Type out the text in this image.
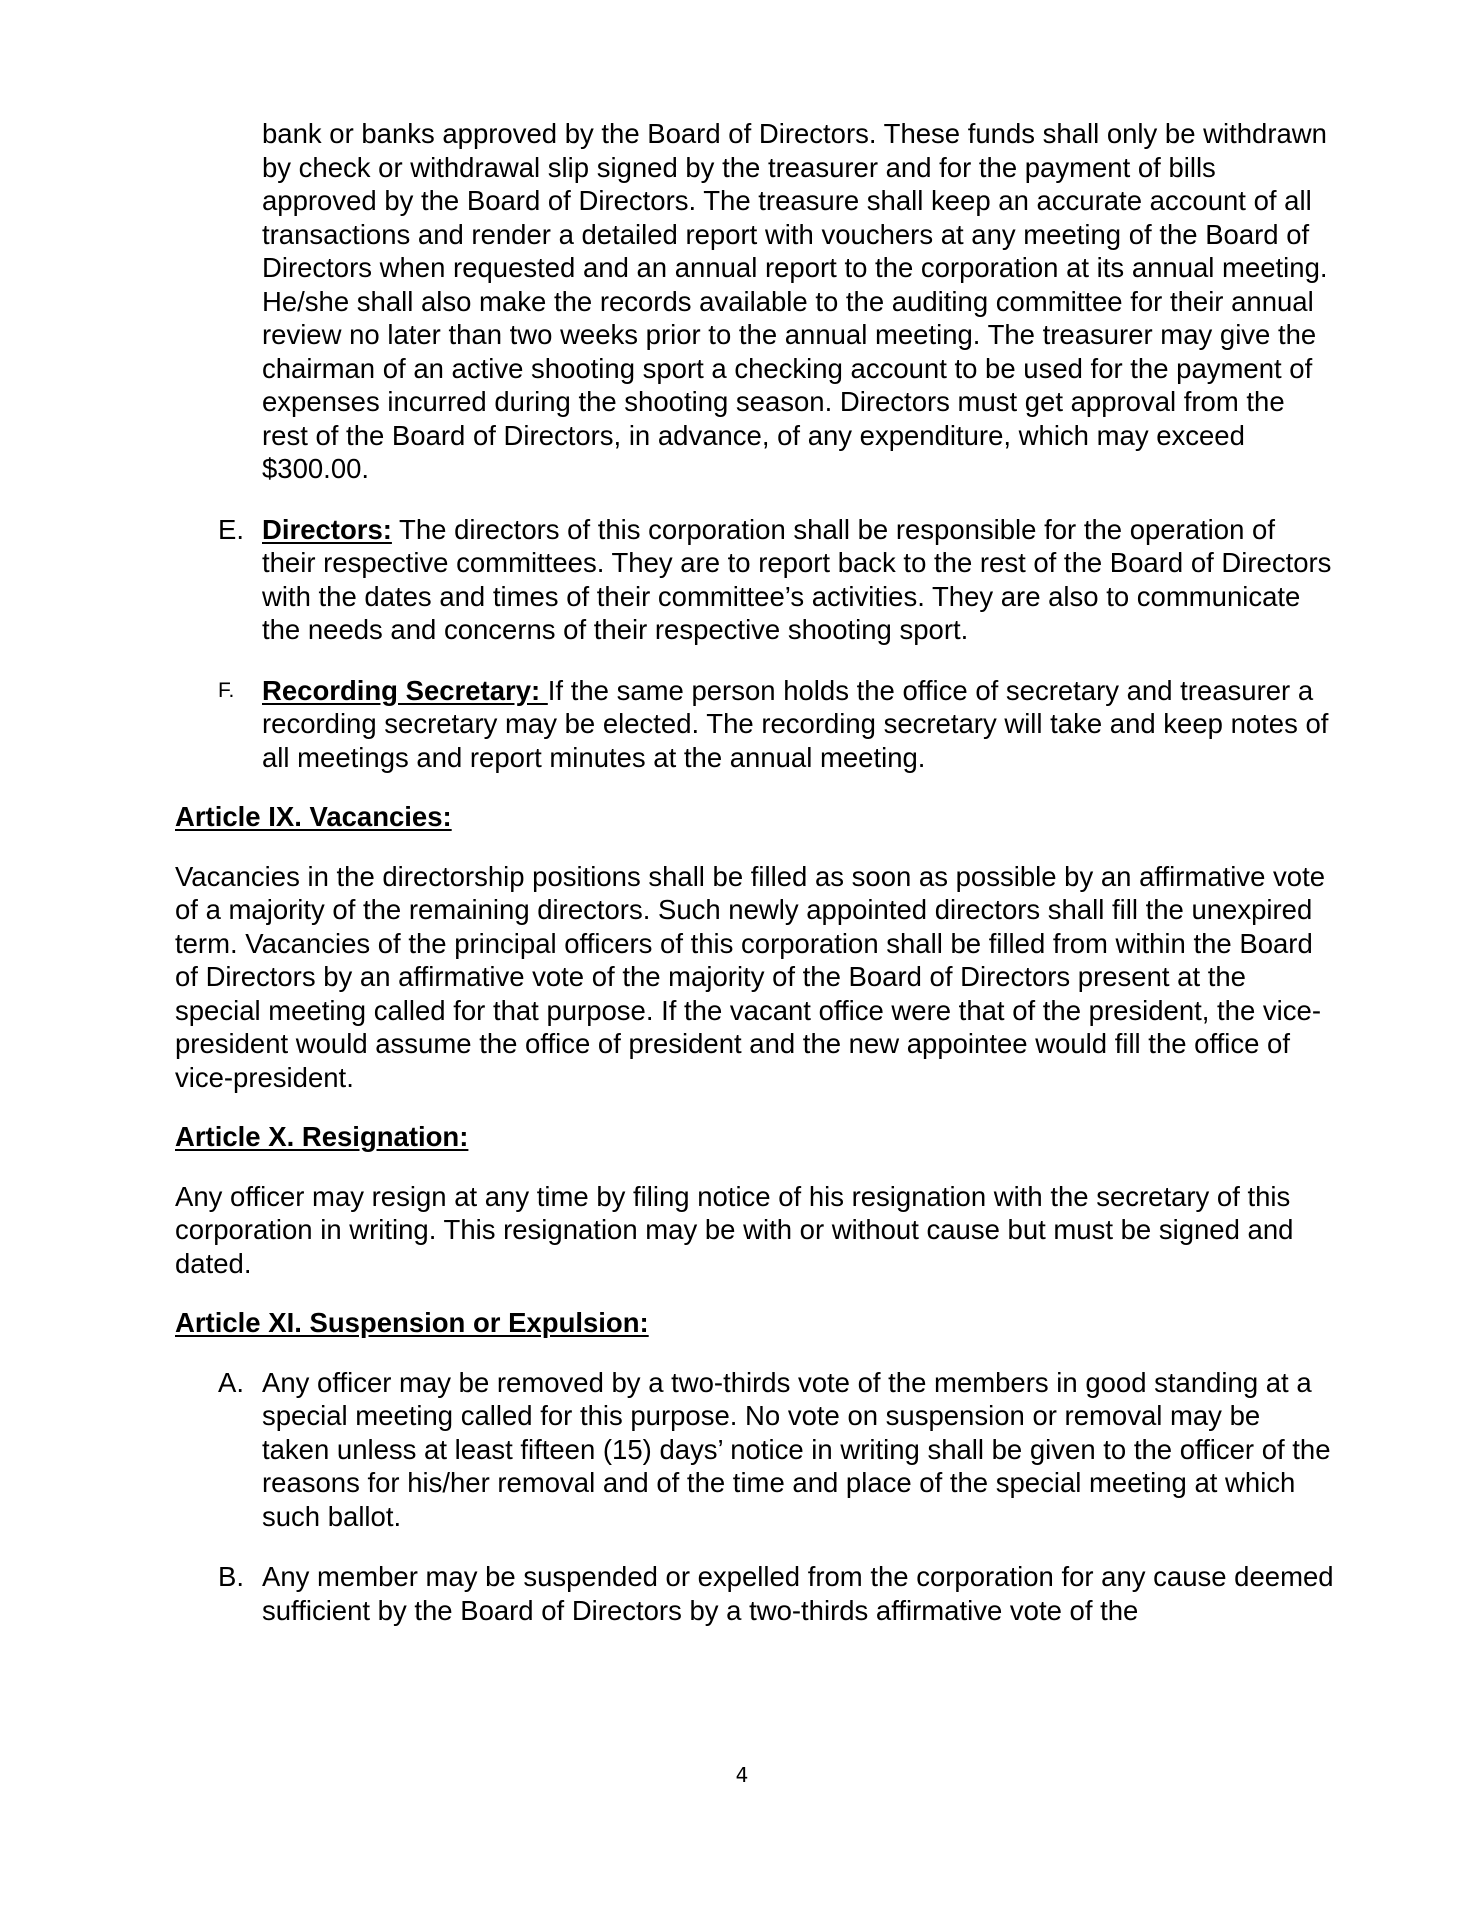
bank or banks approved by the Board of Directors. These funds shall only be withdrawn by check or withdrawal slip signed by the treasurer and for the payment of bills approved by the Board of Directors. The treasure shall keep an accurate account of all transactions and render a detailed report with vouchers at any meeting of the Board of Directors when requested and an annual report to the corporation at its annual meeting. He/she shall also make the records available to the auditing committee for their annual review no later than two weeks prior to the annual meeting. The treasurer may give the chairman of an active shooting sport a checking account to be used for the payment of expenses incurred during the shooting season. Directors must get approval from the rest of the Board of Directors, in advance, of any expenditure, which may exceed $300.00.

E. Directors: The directors of this corporation shall be responsible for the operation of their respective committees. They are to report back to the rest of the Board of Directors with the dates and times of their committee’s activities. They are also to communicate the needs and concerns of their respective shooting sport.

F. Recording Secretary: If the same person holds the office of secretary and treasurer a recording secretary may be elected. The recording secretary will take and keep notes of all meetings and report minutes at the annual meeting.

Article IX. Vacancies:

Vacancies in the directorship positions shall be filled as soon as possible by an affirmative vote of a majority of the remaining directors. Such newly appointed directors shall fill the unexpired term. Vacancies of the principal officers of this corporation shall be filled from within the Board of Directors by an affirmative vote of the majority of the Board of Directors present at the special meeting called for that purpose. If the vacant office were that of the president, the vice-president would assume the office of president and the new appointee would fill the office of vice-president.

Article X. Resignation:

Any officer may resign at any time by filing notice of his resignation with the secretary of this corporation in writing. This resignation may be with or without cause but must be signed and dated.

Article XI. Suspension or Expulsion:

A. Any officer may be removed by a two-thirds vote of the members in good standing at a special meeting called for this purpose. No vote on suspension or removal may be taken unless at least fifteen (15) days’ notice in writing shall be given to the officer of the reasons for his/her removal and of the time and place of the special meeting at which such ballot.

B. Any member may be suspended or expelled from the corporation for any cause deemed sufficient by the Board of Directors by a two-thirds affirmative vote of the

4
